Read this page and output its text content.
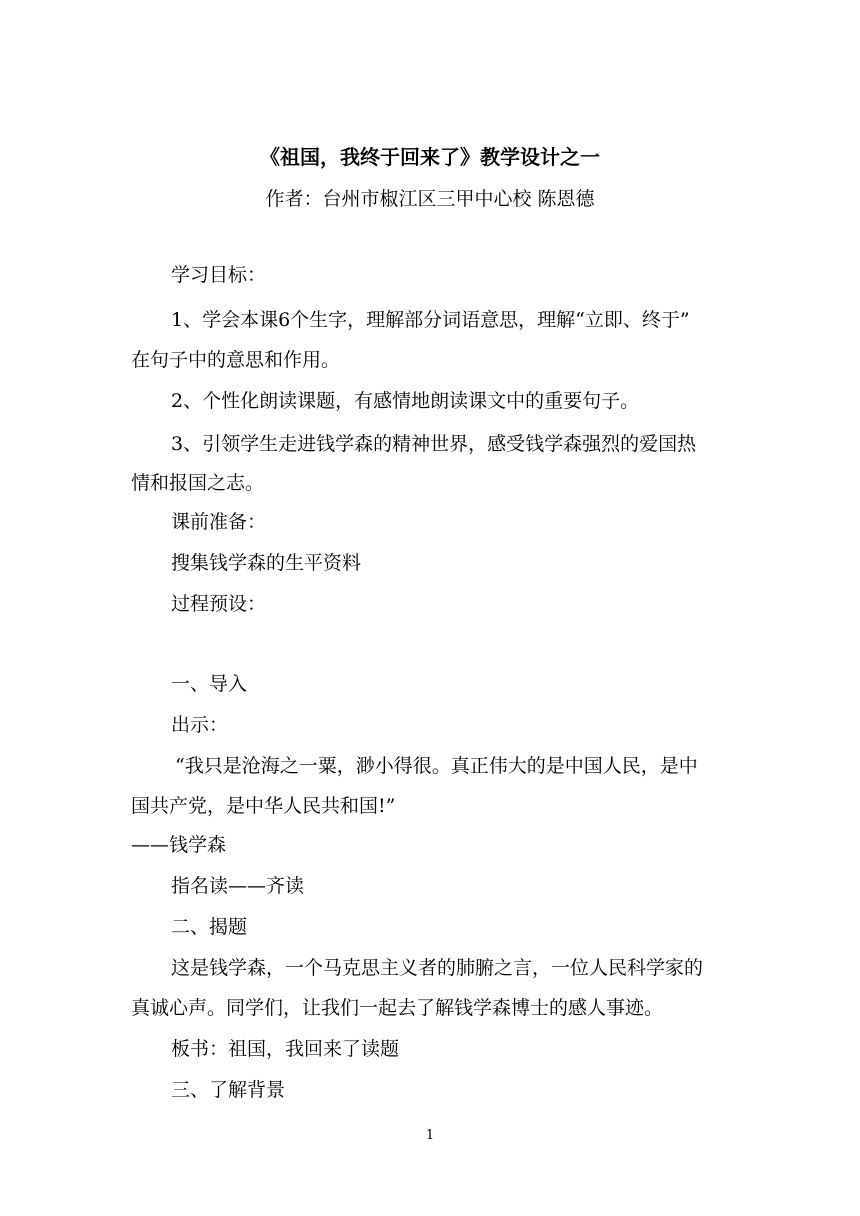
《祖国，我终于回来了》教学设计之一
作者：台州市椒江区三甲中心校 陈恩德
学习目标：
1、学会本课6个生字，理解部分词语意思，理解“立即、终于”
在句子中的意思和作用。
2、个性化朗读课题，有感情地朗读课文中的重要句子。
3、引领学生走进钱学森的精神世界，感受钱学森强烈的爱国热
情和报国之志。
课前准备：
搜集钱学森的生平资料
过程预设：
一、导入
出示：
“我只是沧海之一粟，渺小得很。真正伟大的是中国人民，是中
国共产党，是中华人民共和国!”
——钱学森
指名读——齐读
二、揭题
这是钱学森，一个马克思主义者的肺腑之言，一位人民科学家的
真诚心声。同学们，让我们一起去了解钱学森博士的感人事迹。
板书：祖国，我回来了读题
三、了解背景
1
